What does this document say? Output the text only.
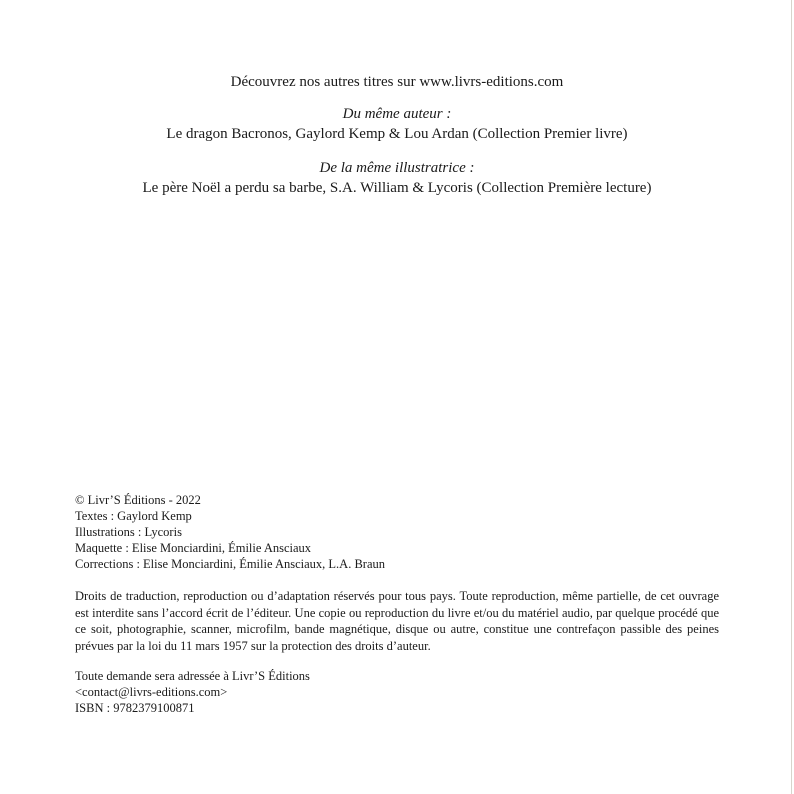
Découvrez nos autres titres sur www.livrs-editions.com
Du même auteur :
Le dragon Bacronos, Gaylord Kemp & Lou Ardan (Collection Premier livre)
De la même illustratrice :
Le père Noël a perdu sa barbe, S.A. William & Lycoris (Collection Première lecture)
© Livr’S Éditions - 2022
Textes : Gaylord Kemp
Illustrations : Lycoris
Maquette : Elise Monciardini, Émilie Ansciaux
Corrections : Elise Monciardini, Émilie Ansciaux, L.A. Braun
Droits de traduction, reproduction ou d’adaptation réservés pour tous pays. Toute reproduction, même partielle, de cet ouvrage est interdite sans l’accord écrit de l’éditeur. Une copie ou reproduction du livre et/ou du matériel audio, par quelque procédé que ce soit, photographie, scanner, microfilm, bande magnétique, disque ou autre, constitue une contrefaçon passible des peines prévues par la loi du 11 mars 1957 sur la protection des droits d’auteur.
Toute demande sera adressée à Livr’S Éditions
<contact@livrs-editions.com>
ISBN : 9782379100871
